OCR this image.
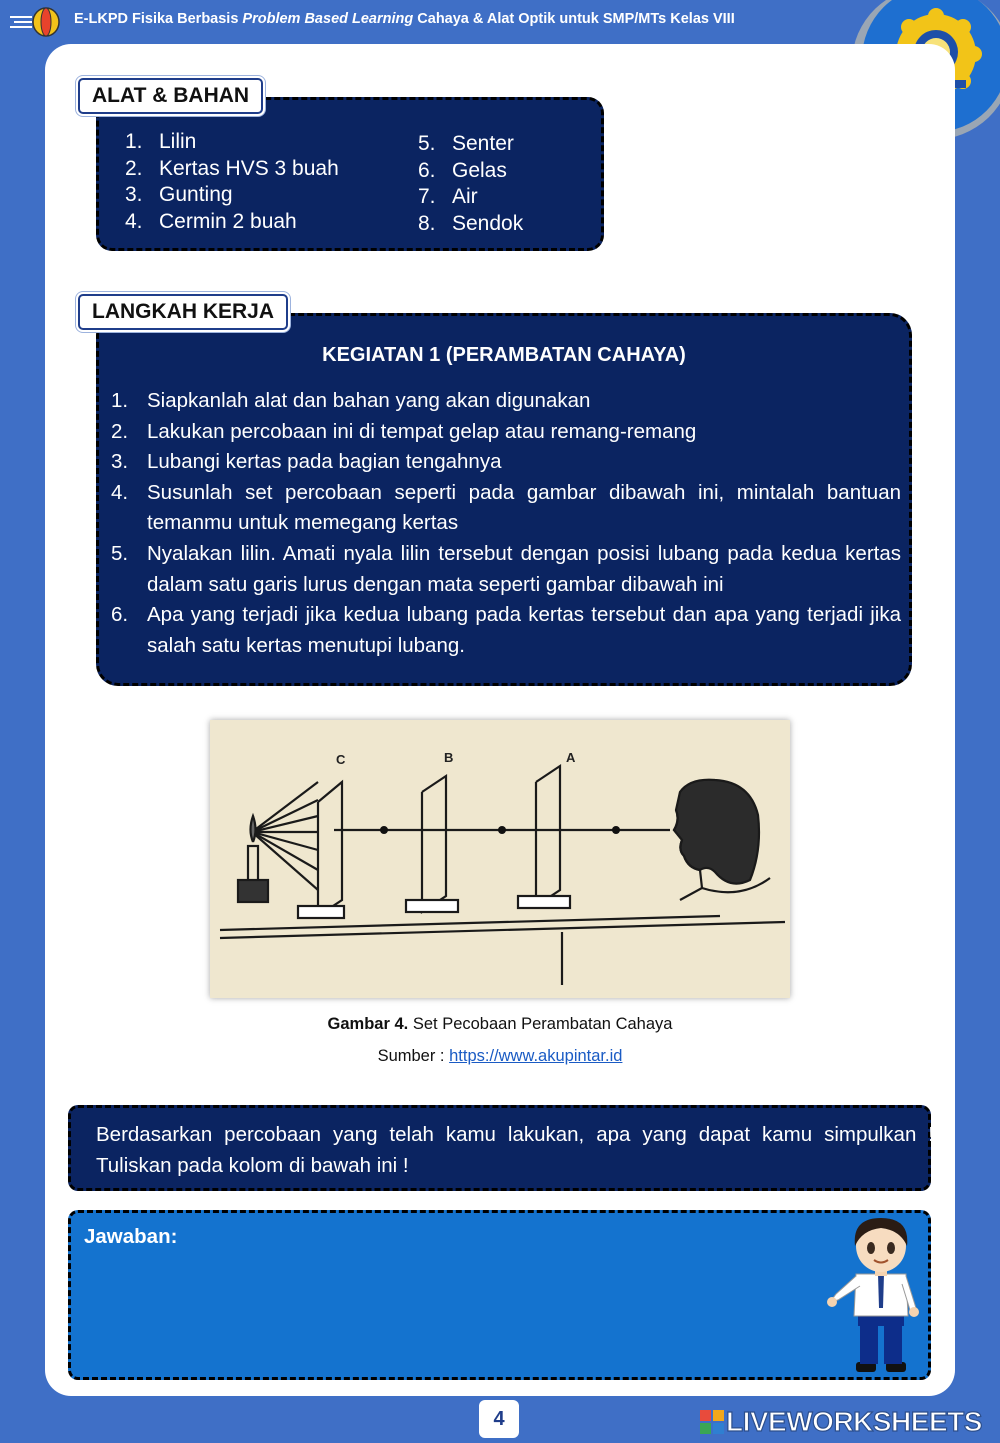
E-LKPD Fisika Berbasis Problem Based Learning Cahaya & Alat Optik untuk SMP/MTs Kelas VIII
1. Lilin
2. Kertas HVS 3 buah
3. Gunting
4. Cermin 2 buah
5. Senter
6. Gelas
7. Air
8. Sendok
ALAT & BAHAN
KEGIATAN 1 (PERAMBATAN CAHAYA)
1. Siapkanlah alat dan bahan yang akan digunakan
2. Lakukan percobaan ini di tempat gelap atau remang-remang
3. Lubangi kertas pada bagian tengahnya
4. Susunlah set percobaan seperti pada gambar dibawah ini, mintalah bantuan temanmu untuk memegang kertas
5. Nyalakan lilin. Amati nyala lilin tersebut dengan posisi lubang pada kedua kertas dalam satu garis lurus dengan mata seperti gambar dibawah ini
6. Apa yang terjadi jika kedua lubang pada kertas tersebut dan apa yang terjadi jika salah satu kertas menutupi lubang.
LANGKAH KERJA
C	B	A
Gambar 4. Set Pecobaan Perambatan Cahaya
Sumber : https://www.akupintar.id
Berdasarkan percobaan yang telah kamu lakukan, apa yang dapat kamu simpulkan ! Tuliskan pada kolom di bawah ini !
Jawaban:
4	LIVEWORKSHEETS
